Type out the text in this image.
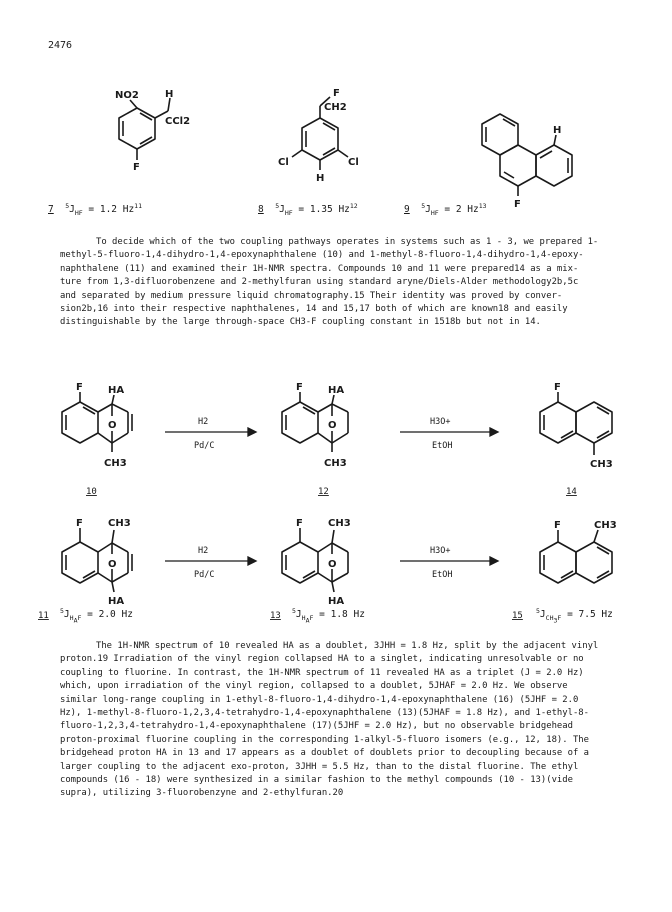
2476
NO2	H
CCl2
F
F
CH2
Cl	Cl
H
H
F
F	HA
O
CH3
F	HA
O
CH3
F
CH3
F	CH3
O
HA
F	CH3
O
HA
F	CH3
H2
Pd/C
H3O+
EtOH
H2
Pd/C
H3O+
EtOH
10	12	14
11	13	15
7 $^5J_{HF} = 1.2$ Hz$^{11}$	8 $^5J_{HF} = 1.35$ Hz$^{12}$	9 $^5J_{HF} = 2$ Hz$^{13}$
$^5J_{H_AF} = 2.0$ Hz	$^5J_{H_AF} = 1.8$ Hz	$^5J_{CH_3F} = 7.5$ Hz
To decide which of the two coupling pathways operates in systems such as 1 - 3, we prepared 1-
methyl-5-fluoro-1,4-dihydro-1,4-epoxynaphthalene (10) and 1-methyl-8-fluoro-1,4-dihydro-1,4-epoxy-
naphthalene (11) and examined their 1H-NMR spectra. Compounds 10 and 11 were prepared14 as a mix-
ture from 1,3-difluorobenzene and 2-methylfuran using standard aryne/Diels-Alder methodology2b,5c
and separated by medium pressure liquid chromatography.15 Their identity was proved by conver-
sion2b,16 into their respective naphthalenes, 14 and 15,17 both of which are known18 and easily
distinguishable by the large through-space CH3-F coupling constant in 1518b but not in 14.
The 1H-NMR spectrum of 10 revealed HA as a doublet, 3JHH = 1.8 Hz, split by the adjacent vinyl
proton.19 Irradiation of the vinyl region collapsed HA to a singlet, indicating unresolvable or no
coupling to fluorine. In contrast, the 1H-NMR spectrum of 11 revealed HA as a triplet (J = 2.0 Hz)
which, upon irradiation of the vinyl region, collapsed to a doublet, 5JHAF = 2.0 Hz. We observe
similar long-range coupling in 1-ethyl-8-fluoro-1,4-dihydro-1,4-epoxynaphthalene (16) (5JHF = 2.0
Hz), 1-methyl-8-fluoro-1,2,3,4-tetrahydro-1,4-epoxynaphthalene (13)(5JHAF = 1.8 Hz), and 1-ethyl-8-
fluoro-1,2,3,4-tetrahydro-1,4-epoxynaphthalene (17)(5JHF = 2.0 Hz), but no observable bridgehead
proton-proximal fluorine coupling in the corresponding 1-alkyl-5-fluoro isomers (e.g., 12, 18). The
bridgehead proton HA in 13 and 17 appears as a doublet of doublets prior to decoupling because of a
larger coupling to the adjacent exo-proton, 3JHH = 5.5 Hz, than to the distal fluorine. The ethyl
compounds (16 - 18) were synthesized in a similar fashion to the methyl compounds (10 - 13)(vide
supra), utilizing 3-fluorobenzyne and 2-ethylfuran.20
